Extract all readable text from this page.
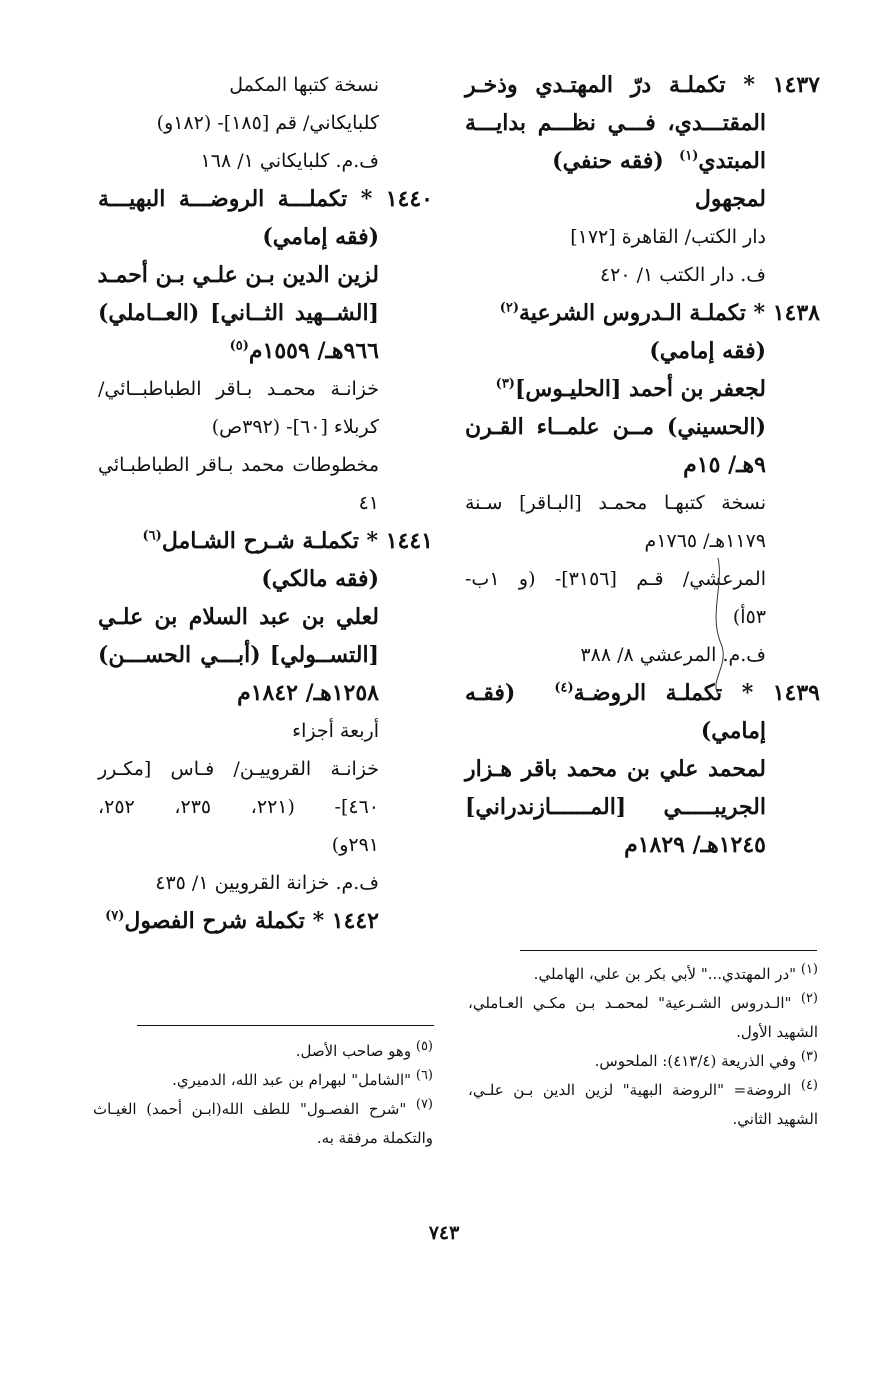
١٤٣٧ * تكملـة درّ المهتـدي وذخـر
المقتـــدي، فـــي نظـــم بدايـــة
المبتدي$^{(١)}$  (فقه حنفي)
لمجهول
دار الكتب/ القاهرة [١٧٢]
ف. دار الكتب ١/ ٤٢٠
١٤٣٨ * تكملـة الـدروس الشرعية$^{(٢)}$
(فقه إمامي)
لجعفر بن أحمد [الحليـوس]$^{(٣)}$
(الحسيني) مــن علمــاء القـرن
٩هـ/ ١٥م
نسخة كتبهـا محمـد [البـاقر] سـنة
١١٧٩هـ/ ١٧٦٥م
المرعشي/ قـم [٣١٥٦]- (و ١ب-
٥٣أ)
ف.م. المرعشي ٨/ ٣٨٨
١٤٣٩ * تكملـة الروضـة$^{(٤)}$  (فقـه
إمامي)
لمحمد علي بن محمد باقر هـزار
الجريبـــــي [المــــــازندراني]
١٢٤٥هـ/ ١٨٢٩م
نسخة كتبها المكمل
كلبايكاني/ قم [١٨٥]- (١٨٢و)
ف.م. كلبايكاني ١/ ١٦٨
١٤٤٠ * تكملـــة الروضـــة البهيـــة
(فقه إمامي)
لزين الدين بـن علـي بـن أحمـد
[الشــهيد الثــاني] (العــاملي)
٩٦٦هـ/ ١٥٥٩م$^{(٥)}$
خزانـة محمـد بـاقر الطباطبــائي/
كربلاء [٦٠]- (٣٩٢ص)
مخطوطات محمد بـاقر الطباطبـائي
٤١
١٤٤١ * تكملـة شـرح الشـامل$^{(٦)}$
(فقه مالكي)
لعلي بن عبد السلام بن علـي
[التســولي] (أبـــي الحســـن)
١٢٥٨هـ/ ١٨٤٢م
أربعة أجزاء
خزانـة القروييـن/ فـاس [مكـرر
٤٦٠]- (٢٢١، ٢٣٥، ٢٥٢،
٢٩١و)
ف.م. خزانة القرويين ١/ ٤٣٥
١٤٤٢ * تكملة شرح الفصول$^{(٧)}$
(١) "در المهتدي..." لأبي بكر بن علي، الهاملي.
(٢) "الـدروس الشـرعية" لمحمـد بـن مكـي العـاملي،
الشهيد الأول.
(٣) وفي الذريعة (٤١٣/٤): الملحوس.
(٤) الروضة= "الروضة البهية" لزين الدين بـن علـي،
الشهيد الثاني.
(٥) وهو صاحب الأصل.
(٦) "الشامل" لبهرام بن عبد الله، الدميري.
(٧) "شرح الفصـول" للطف الله(ابـن أحمد) الغيـاث
والتكملة مرفقة به.
٧٤٣
